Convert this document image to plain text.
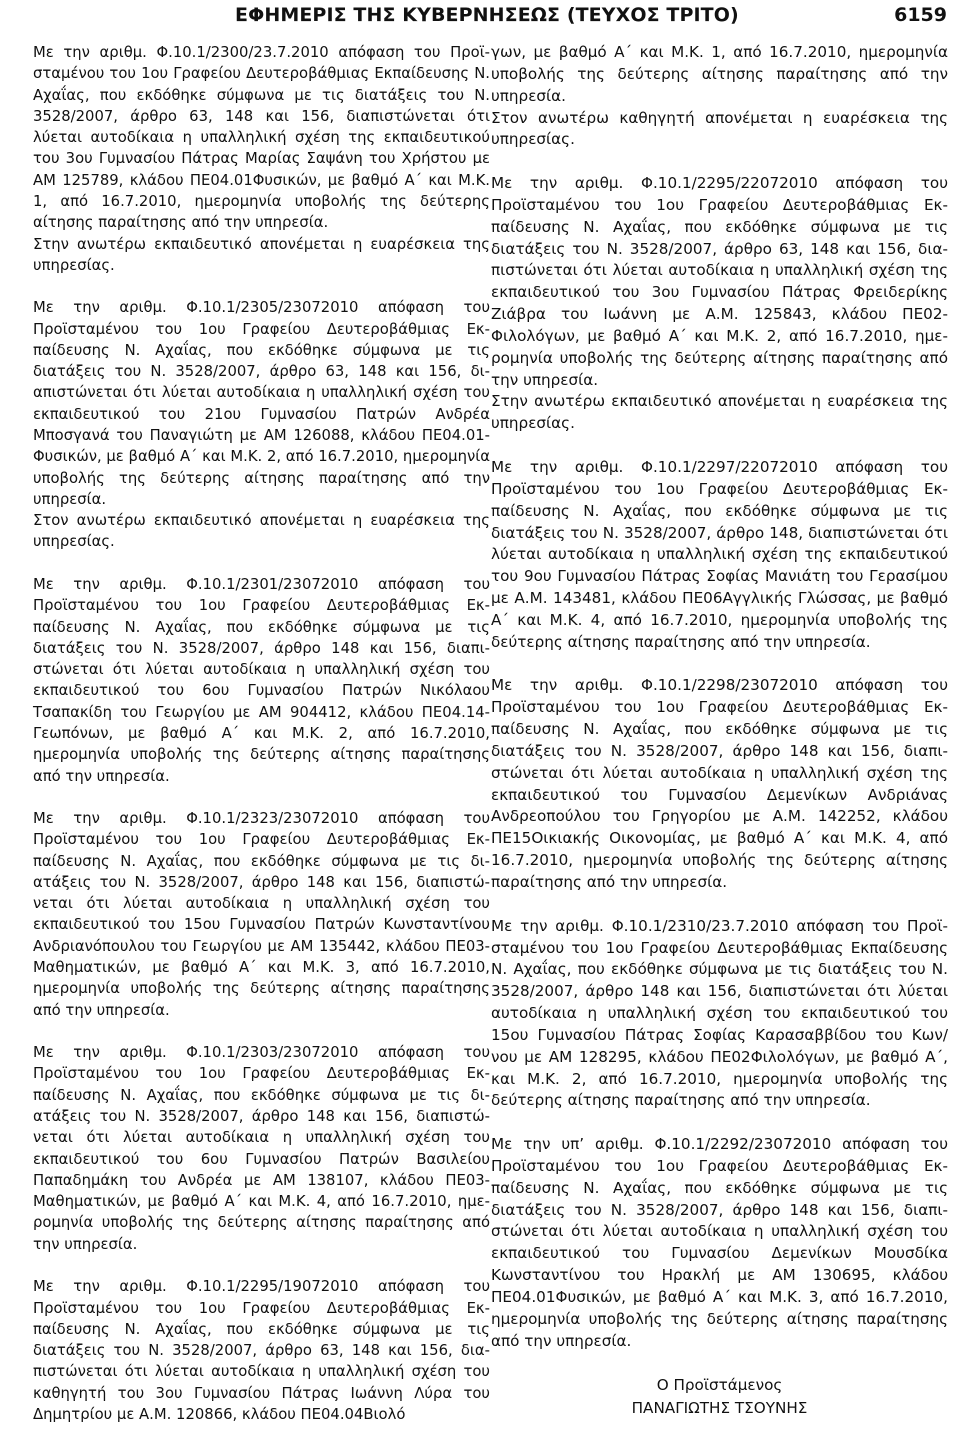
ΕΦΗΜΕΡΙΣ ΤΗΣ ΚΥΒΕΡΝΗΣΕΩΣ (ΤΕΥΧΟΣ ΤΡΙΤΟ)	6159

Με την αριθμ. Φ.10.1/2300/23.7.2010 απόφαση του Προϊσταμένου του 1ου Γραφείου Δευτεροβάθμιας Εκπαίδευσης Ν. Αχαΐας, που εκδόθηκε σύμφωνα με τις διατάξεις του Ν. 3528/2007, άρθρο 63, 148 και 156, διαπιστώνεται ότι λύεται αυτοδίκαια η υπαλληλική σχέση της εκπαιδευτικού του 3ου Γυμνασίου Πάτρας Μαρίας Σαψάνη του Χρήστου με ΑΜ 125789, κλάδου ΠΕ04.01Φυσικών, με βαθμό Α΄ και Μ.Κ. 1, από 16.7.2010, ημερομηνία υποβολής της δεύτερης αίτησης παραίτησης από την υπηρεσία.

Στην ανωτέρω εκπαιδευτικό απονέμεται η ευαρέσκεια της υπηρεσίας.

Με την αριθμ. Φ.10.1/2305/23072010 απόφαση του Προϊσταμένου του 1ου Γραφείου Δευτεροβάθμιας Εκπαίδευσης Ν. Αχαΐας, που εκδόθηκε σύμφωνα με τις διατάξεις του Ν. 3528/2007, άρθρο 63, 148 και 156, διαπιστώνεται ότι λύεται αυτοδίκαια η υπαλληλική σχέση του εκπαιδευτικού του 21ου Γυμνασίου Πατρών Ανδρέα Μποσγανά του Παναγιώτη με ΑΜ 126088, κλάδου ΠΕ04.01Φυσικών, με βαθμό Α΄ και Μ.Κ. 2, από 16.7.2010, ημερομηνία υποβολής της δεύτερης αίτησης παραίτησης από την υπηρεσία.

Στον ανωτέρω εκπαιδευτικό απονέμεται η ευαρέσκεια της υπηρεσίας.

Με την αριθμ. Φ.10.1/2301/23072010 απόφαση του Προϊσταμένου του 1ου Γραφείου Δευτεροβάθμιας Εκπαίδευσης Ν. Αχαΐας, που εκδόθηκε σύμφωνα με τις διατάξεις του Ν. 3528/2007, άρθρο 148 και 156, διαπιστώνεται ότι λύεται αυτοδίκαια η υπαλληλική σχέση του εκπαιδευτικού του 6ου Γυμνασίου Πατρών Νικόλαου Τσαπακίδη του Γεωργίου με ΑΜ 904412, κλάδου ΠΕ04.14Γεωπόνων, με βαθμό Α΄ και Μ.Κ. 2, από 16.7.2010, ημερομηνία υποβολής της δεύτερης αίτησης παραίτησης από την υπηρεσία.

Με την αριθμ. Φ.10.1/2323/23072010 απόφαση του Προϊσταμένου του 1ου Γραφείου Δευτεροβάθμιας Εκπαίδευσης Ν. Αχαΐας, που εκδόθηκε σύμφωνα με τις διατάξεις του Ν. 3528/2007, άρθρο 148 και 156, διαπιστώνεται ότι λύεται αυτοδίκαια η υπαλληλική σχέση του εκπαιδευτικού του 15ου Γυμνασίου Πατρών Κωνσταντίνου Ανδριανόπουλου του Γεωργίου με ΑΜ 135442, κλάδου ΠΕ03Μαθηματικών, με βαθμό Α΄ και Μ.Κ. 3, από 16.7.2010, ημερομηνία υποβολής της δεύτερης αίτησης παραίτησης από την υπηρεσία.

Με την αριθμ. Φ.10.1/2303/23072010 απόφαση του Προϊσταμένου του 1ου Γραφείου Δευτεροβάθμιας Εκπαίδευσης Ν. Αχαΐας, που εκδόθηκε σύμφωνα με τις διατάξεις του Ν. 3528/2007, άρθρο 148 και 156, διαπιστώνεται ότι λύεται αυτοδίκαια η υπαλληλική σχέση του εκπαιδευτικού του 6ου Γυμνασίου Πατρών Βασιλείου Παπαδηµάκη του Ανδρέα με ΑΜ 138107, κλάδου ΠΕ03Μαθηματικών, με βαθμό Α΄ και Μ.Κ. 4, από 16.7.2010, ημερομηνία υποβολής της δεύτερης αίτησης παραίτησης από την υπηρεσία.

Με την αριθμ. Φ.10.1/2295/19072010 απόφαση του Προϊσταμένου του 1ου Γραφείου Δευτεροβάθμιας Εκπαίδευσης Ν. Αχαΐας, που εκδόθηκε σύμφωνα με τις διατάξεις του Ν. 3528/2007, άρθρο 63, 148 και 156, διαπιστώνεται ότι λύεται αυτοδίκαια η υπαλληλική σχέση του καθηγητή του 3ου Γυμνασίου Πάτρας Ιωάννη Λύρα του Δημητρίου με Α.Μ. 120866, κλάδου ΠΕ04.04Βιολό

γων, με βαθμό Α΄ και Μ.Κ. 1, από 16.7.2010, ημερομηνία υποβολής της δεύτερης αίτησης παραίτησης από την υπηρεσία.

Στον ανωτέρω καθηγητή απονέμεται η ευαρέσκεια της υπηρεσίας.

Με την αριθμ. Φ.10.1/2295/22072010 απόφαση του Προϊσταμένου του 1ου Γραφείου Δευτεροβάθμιας Εκπαίδευσης Ν. Αχαΐας, που εκδόθηκε σύμφωνα με τις διατάξεις του Ν. 3528/2007, άρθρο 63, 148 και 156, διαπιστώνεται ότι λύεται αυτοδίκαια η υπαλληλική σχέση της εκπαιδευτικού του 3ου Γυμνασίου Πάτρας Φρειδερίκης Ζιάβρα του Ιωάννη με Α.Μ. 125843, κλάδου ΠΕ02Φιλολόγων, με βαθμό Α΄ και Μ.Κ. 2, από 16.7.2010, ημερομηνία υποβολής της δεύτερης αίτησης παραίτησης από την υπηρεσία.

Στην ανωτέρω εκπαιδευτικό απονέμεται η ευαρέσκεια της υπηρεσίας.

Με την αριθμ. Φ.10.1/2297/22072010 απόφαση του Προϊσταμένου του 1ου Γραφείου Δευτεροβάθμιας Εκπαίδευσης Ν. Αχαΐας, που εκδόθηκε σύμφωνα με τις διατάξεις του Ν. 3528/2007, άρθρο 148, διαπιστώνεται ότι λύεται αυτοδίκαια η υπαλληλική σχέση της εκπαιδευτικού του 9ου Γυμνασίου Πάτρας Σοφίας Μανιάτη του Γερασίμου με Α.Μ. 143481, κλάδου ΠΕ06Αγγλικής Γλώσσας, με βαθμό Α΄ και Μ.Κ. 4, από 16.7.2010, ημερομηνία υποβολής της δεύτερης αίτησης παραίτησης από την υπηρεσία.

Με την αριθμ. Φ.10.1/2298/23072010 απόφαση του Προϊσταμένου του 1ου Γραφείου Δευτεροβάθμιας Εκπαίδευσης Ν. Αχαΐας, που εκδόθηκε σύμφωνα με τις διατάξεις του Ν. 3528/2007, άρθρο 148 και 156, διαπιστώνεται ότι λύεται αυτοδίκαια η υπαλληλική σχέση της εκπαιδευτικού του Γυμνασίου Δεμενίκων Ανδριάνας Ανδρεοπούλου του Γρηγορίου με Α.Μ. 142252, κλάδου ΠΕ15Οικιακής Οικονομίας, με βαθμό Α΄ και Μ.Κ. 4, από 16.7.2010, ημερομηνία υποβολής της δεύτερης αίτησης παραίτησης από την υπηρεσία.

Με την αριθμ. Φ.10.1/2310/23.7.2010 απόφαση του Προϊσταμένου του 1ου Γραφείου Δευτεροβάθμιας Εκπαίδευσης Ν. Αχαΐας, που εκδόθηκε σύμφωνα με τις διατάξεις του Ν. 3528/2007, άρθρο 148 και 156, διαπιστώνεται ότι λύεται αυτοδίκαια η υπαλληλική σχέση του εκπαιδευτικού του 15ου Γυμνασίου Πάτρας Σοφίας Καρασαββίδου του Κων/νου με ΑΜ 128295, κλάδου ΠΕ02Φιλολόγων, με βαθμό Α΄, και Μ.Κ. 2, από 16.7.2010, ημερομηνία υποβολής της δεύτερης αίτησης παραίτησης από την υπηρεσία.

Με την υπ’ αριθμ. Φ.10.1/2292/23072010 απόφαση του Προϊσταμένου του 1ου Γραφείου Δευτεροβάθμιας Εκπαίδευσης Ν. Αχαΐας, που εκδόθηκε σύμφωνα με τις διατάξεις του Ν. 3528/2007, άρθρο 148 και 156, διαπιστώνεται ότι λύεται αυτοδίκαια η υπαλληλική σχέση του εκπαιδευτικού του Γυμνασίου Δεμενίκων Μουσδίκα Κωνσταντίνου του Ηρακλή με ΑΜ 130695, κλάδου ΠΕ04.01Φυσικών, με βαθμό Α΄ και Μ.Κ. 3, από 16.7.2010, ημερομηνία υποβολής της δεύτερης αίτησης παραίτησης από την υπηρεσία.

Ο Προϊστάμενος
ΠΑΝΑΓΙΩΤΗΣ ΤΣΟΥΝΗΣ
